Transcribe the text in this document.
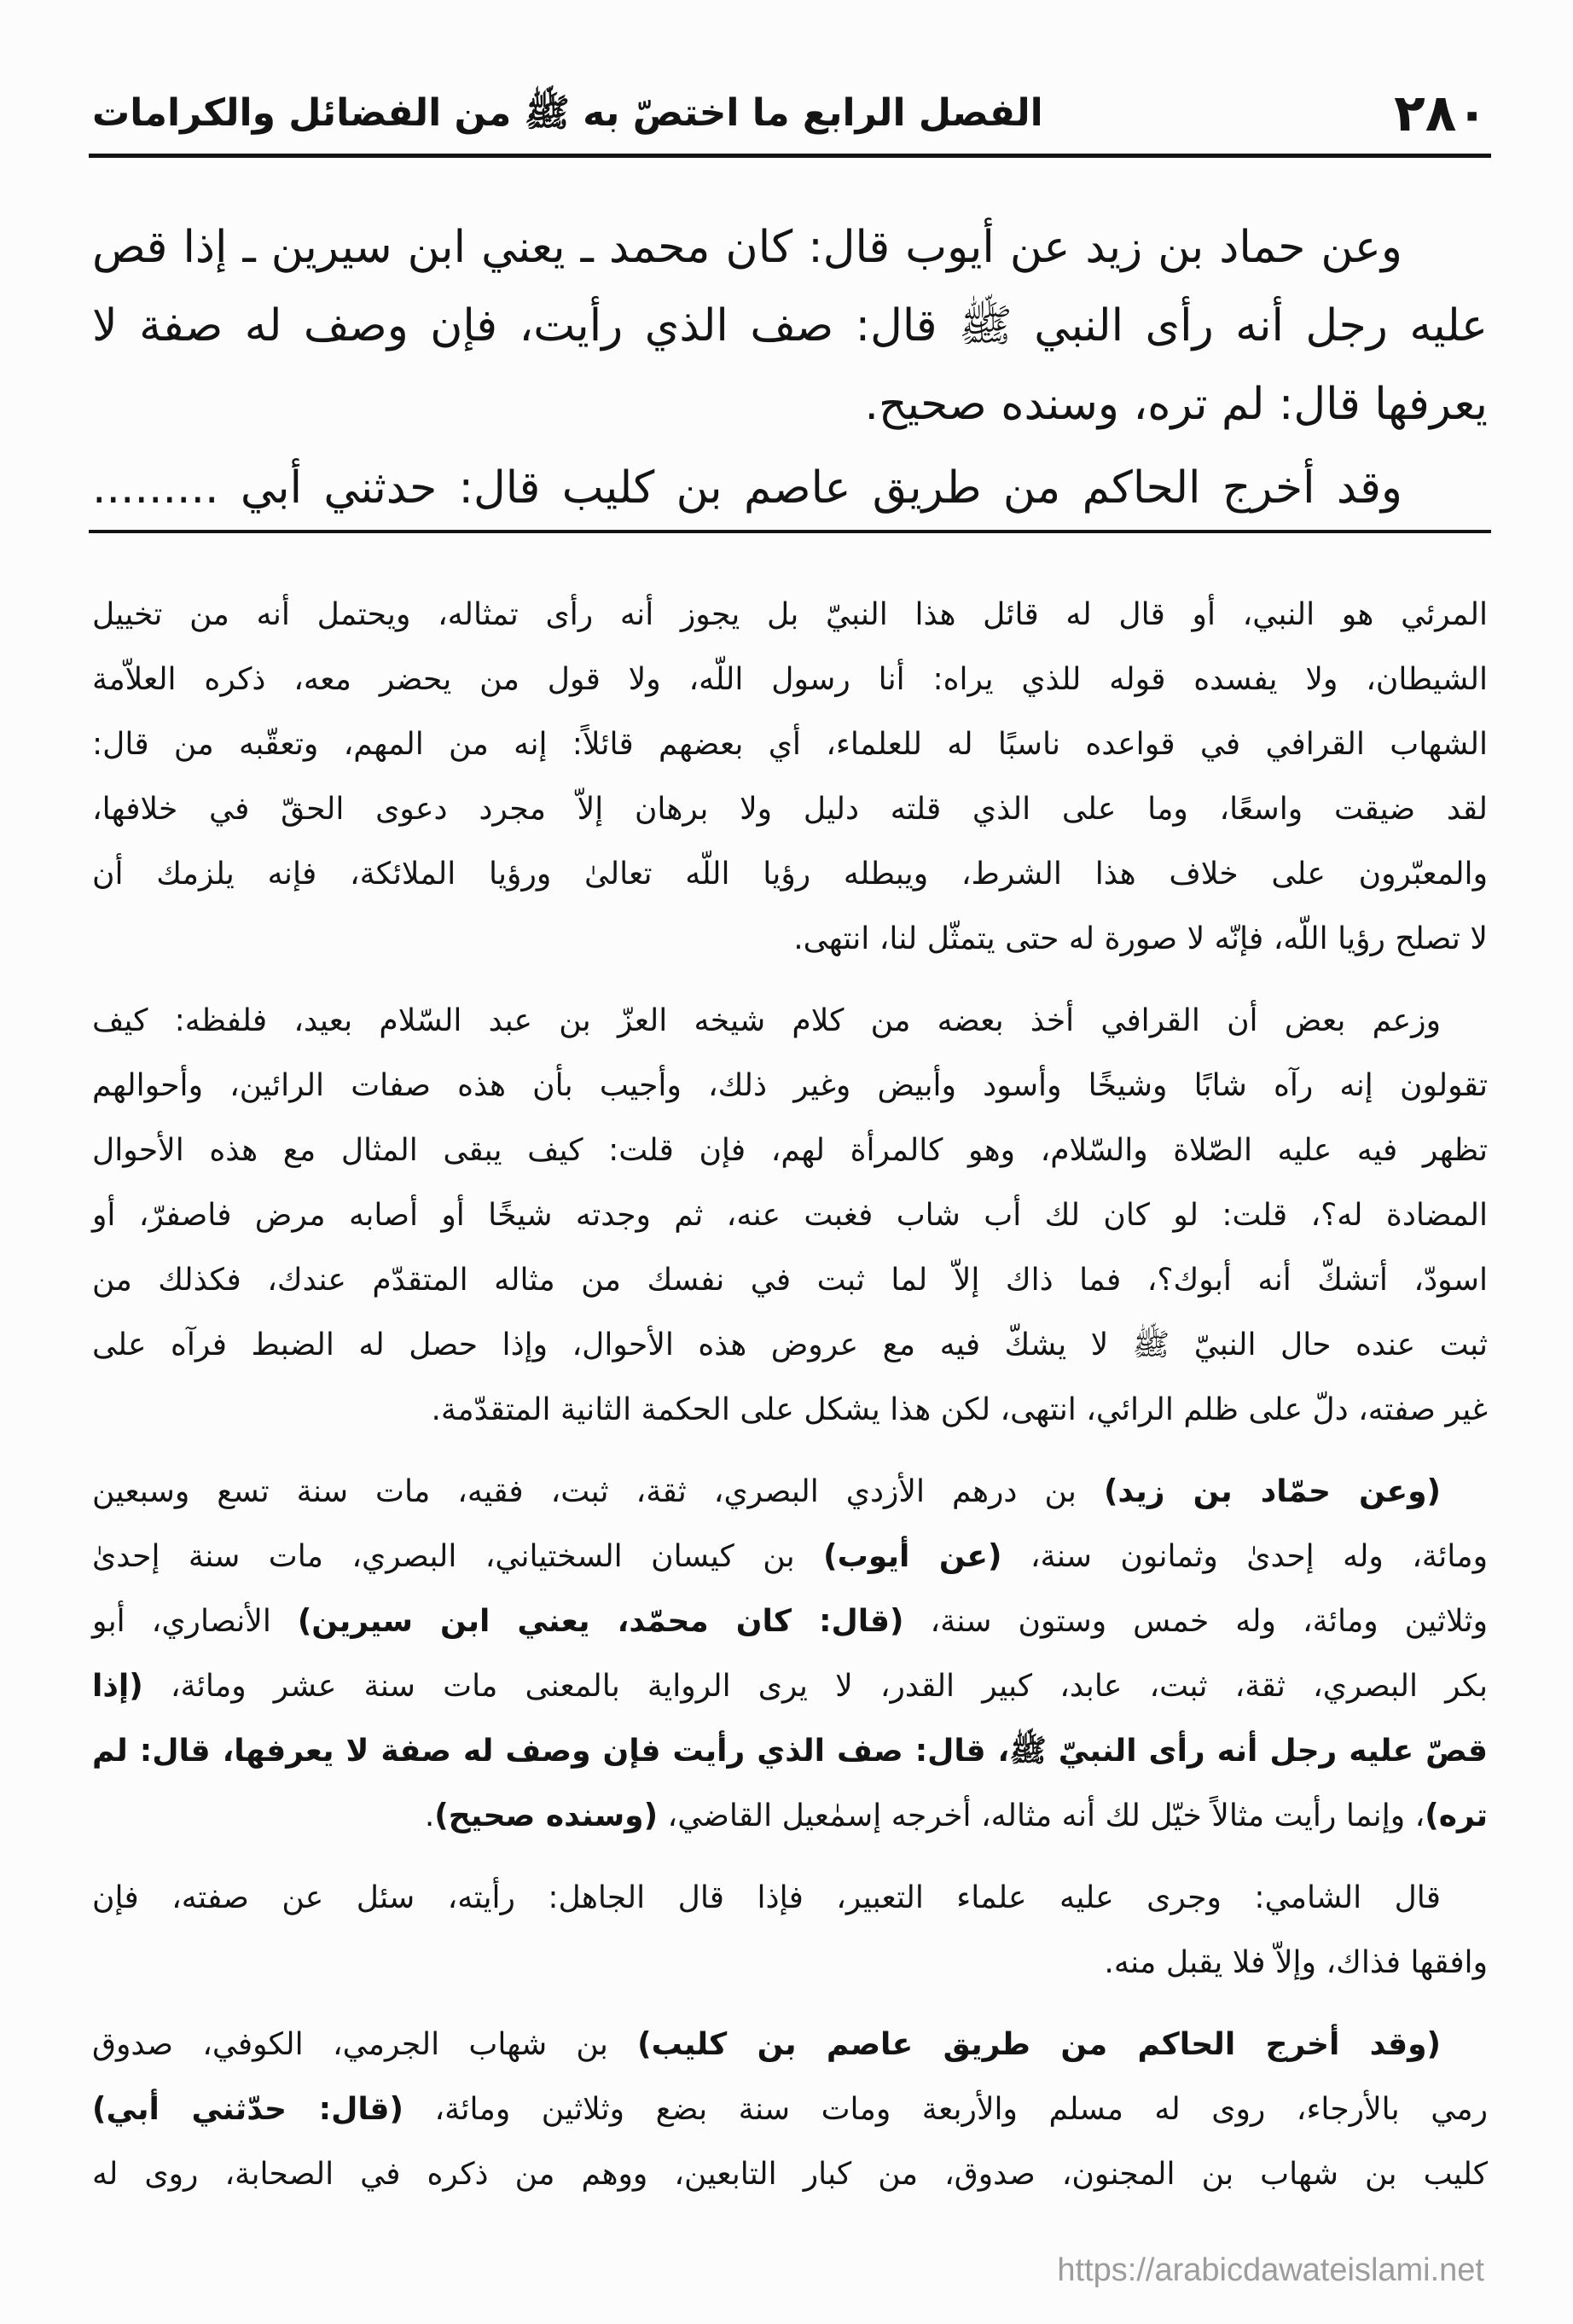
٢٨٠
الفصل الرابع ما اختصّ به ﷺ من الفضائل والكرامات
وعن حماد بن زيد عن أيوب قال: كان محمد ـ يعني ابن سيرين ـ إذا قص
عليه رجل أنه رأى النبي ﷺ قال: صف الذي رأيت، فإن وصف له صفة لا
يعرفها قال: لم تره، وسنده صحيح.
وقد أخرج الحاكم من طريق عاصم بن كليب قال: حدثني أبي .........
المرئي هو النبي، أو قال له قائل هذا النبيّ بل يجوز أنه رأى تمثاله، ويحتمل أنه من تخييل
الشيطان، ولا يفسده قوله للذي يراه: أنا رسول اللّه، ولا قول من يحضر معه، ذكره العلاّمة
الشهاب القرافي في قواعده ناسبًا له للعلماء، أي بعضهم قائلاً: إنه من المهم، وتعقّبه من قال:
لقد ضيقت واسعًا، وما على الذي قلته دليل ولا برهان إلاّ مجرد دعوى الحقّ في خلافها،
والمعبّرون على خلاف هذا الشرط، ويبطله رؤيا اللّه تعالىٰ ورؤيا الملائكة، فإنه يلزمك أن
لا تصلح رؤيا اللّه، فإنّه لا صورة له حتى يتمثّل لنا، انتهى.
وزعم بعض أن القرافي أخذ بعضه من كلام شيخه العزّ بن عبد السّلام بعيد، فلفظه: كيف
تقولون إنه رآه شابًا وشيخًا وأسود وأبيض وغير ذلك، وأجيب بأن هذه صفات الرائين، وأحوالهم
تظهر فيه عليه الصّلاة والسّلام، وهو كالمرأة لهم، فإن قلت: كيف يبقى المثال مع هذه الأحوال
المضادة له؟، قلت: لو كان لك أب شاب فغبت عنه، ثم وجدته شيخًا أو أصابه مرض فاصفرّ، أو
اسودّ، أتشكّ أنه أبوك؟، فما ذاك إلاّ لما ثبت في نفسك من مثاله المتقدّم عندك، فكذلك من
ثبت عنده حال النبيّ ﷺ لا يشكّ فيه مع عروض هذه الأحوال، وإذا حصل له الضبط فرآه على
غير صفته، دلّ على ظلم الرائي، انتهى، لكن هذا يشكل على الحكمة الثانية المتقدّمة.
(وعن حمّاد بن زيد) بن درهم الأزدي البصري، ثقة، ثبت، فقيه، مات سنة تسع وسبعين
ومائة، وله إحدىٰ وثمانون سنة، (عن أيوب) بن كيسان السختياني، البصري، مات سنة إحدىٰ
وثلاثين ومائة، وله خمس وستون سنة، (قال: كان محمّد، يعني ابن سيرين) الأنصاري، أبو
بكر البصري، ثقة، ثبت، عابد، كبير القدر، لا يرى الرواية بالمعنى مات سنة عشر ومائة، (إذا
قصّ عليه رجل أنه رأى النبيّ ﷺ، قال: صف الذي رأيت فإن وصف له صفة لا يعرفها، قال: لم
تره)، وإنما رأيت مثالاً خيّل لك أنه مثاله، أخرجه إسمٰعيل القاضي، (وسنده صحيح).
قال الشامي: وجرى عليه علماء التعبير، فإذا قال الجاهل: رأيته، سئل عن صفته، فإن
وافقها فذاك، وإلاّ فلا يقبل منه.
(وقد أخرج الحاكم من طريق عاصم بن كليب) بن شهاب الجرمي، الكوفي، صدوق
رمي بالأرجاء، روى له مسلم والأربعة ومات سنة بضع وثلاثين ومائة، (قال: حدّثني أبي)
كليب بن شهاب بن المجنون، صدوق، من كبار التابعين، ووهم من ذكره في الصحابة، روى له
https://arabicdawateislami.net
